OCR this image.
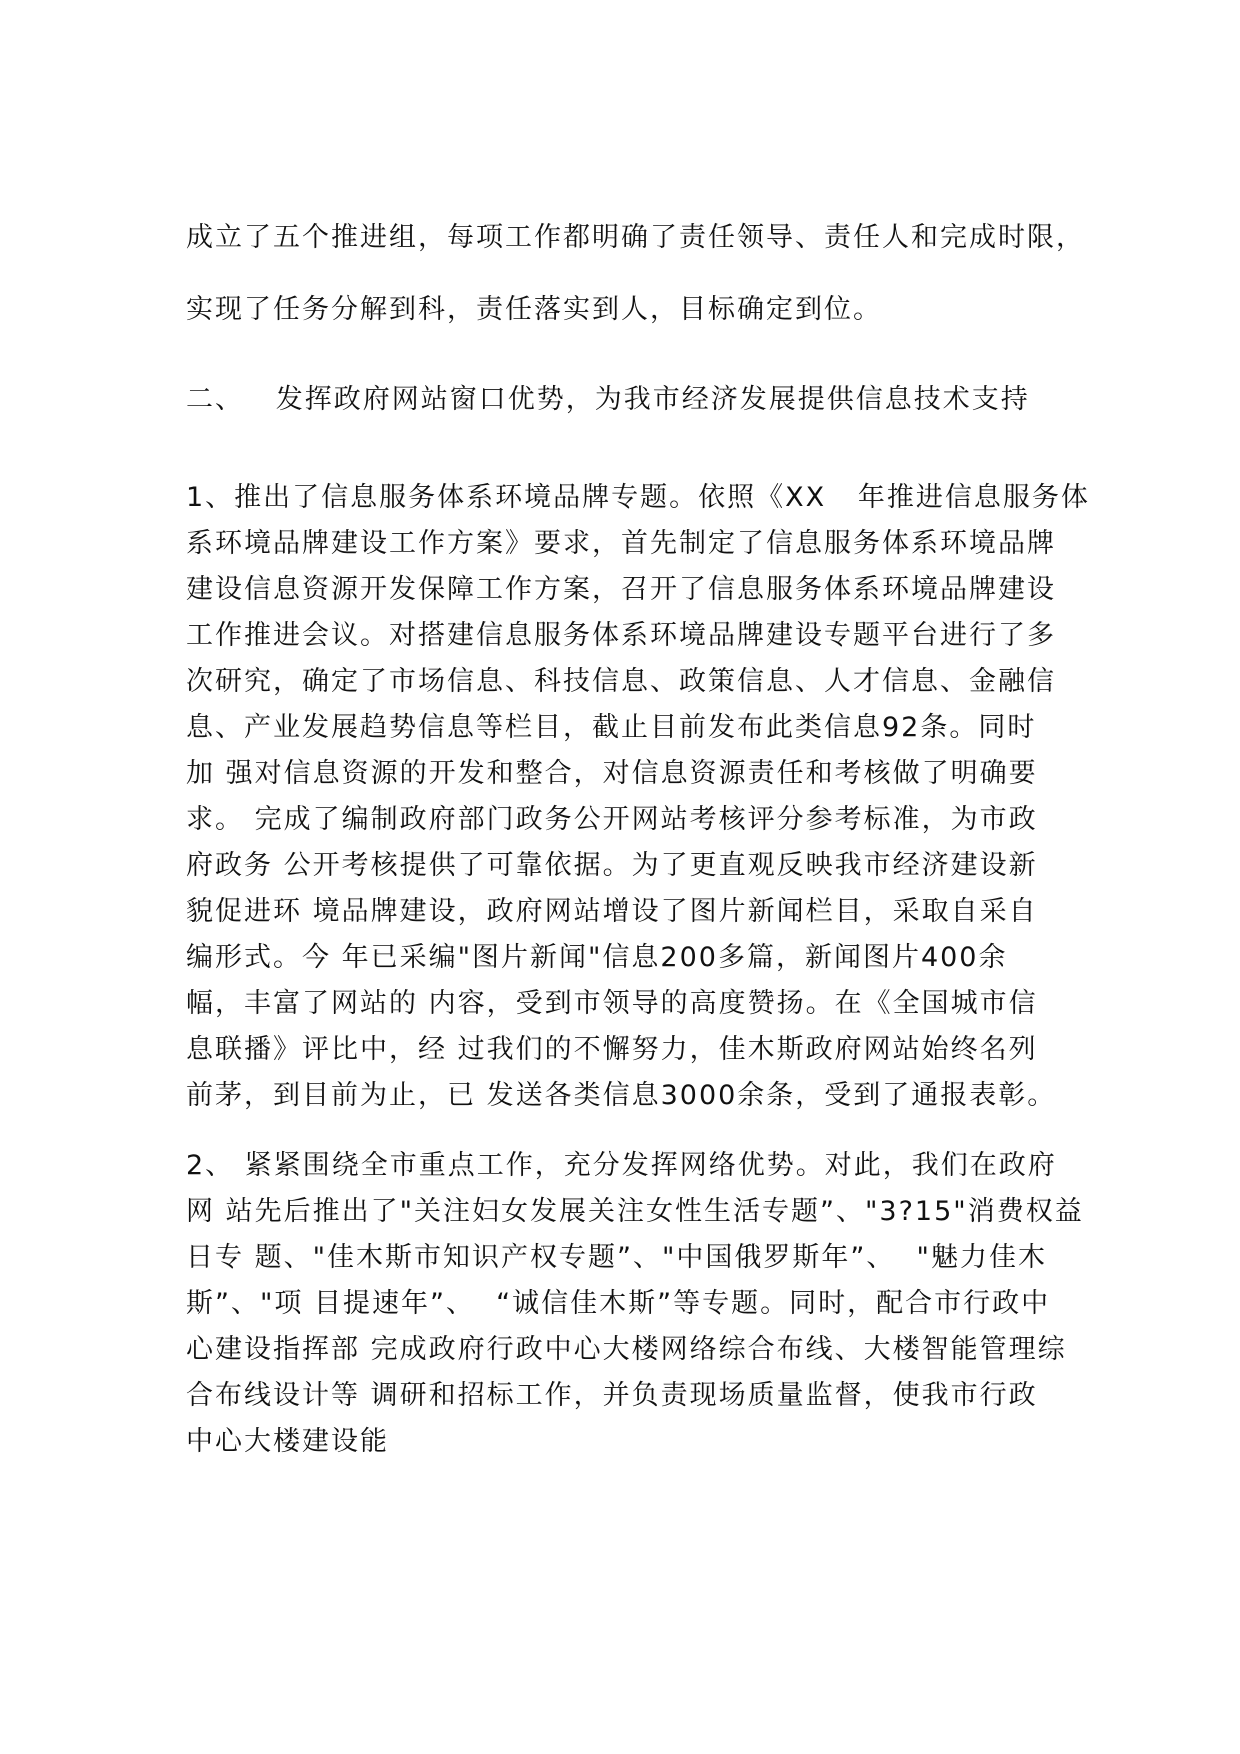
成立了五个推进组，每项工作都明确了责任领导、责任人和完成时限，
实现了任务分解到科，责任落实到人，目标确定到位。
二、   发挥政府网站窗口优势，为我市经济发展提供信息技术支持
1、推出了信息服务体系环境品牌专题。依照《XX   年推进信息服务体
系环境品牌建设工作方案》要求，首先制定了信息服务体系环境品牌
建设信息资源开发保障工作方案，召开了信息服务体系环境品牌建设
工作推进会议。对搭建信息服务体系环境品牌建设专题平台进行了多
次研究，确定了市场信息、科技信息、政策信息、人才信息、金融信
息、产业发展趋势信息等栏目，截止目前发布此类信息92条。同时
加 强对信息资源的开发和整合，对信息资源责任和考核做了明确要
求。 完成了编制政府部门政务公开网站考核评分参考标准，为市政
府政务 公开考核提供了可靠依据。为了更直观反映我市经济建设新
貌促进环 境品牌建设，政府网站增设了图片新闻栏目，采取自采自
编形式。今 年已采编"图片新闻"信息200多篇，新闻图片400余
幅，丰富了网站的 内容，受到市领导的高度赞扬。在《全国城市信
息联播》评比中，经 过我们的不懈努力，佳木斯政府网站始终名列
前茅，到目前为止，已 发送各类信息3000余条，受到了通报表彰。
2、 紧紧围绕全市重点工作，充分发挥网络优势。对此，我们在政府
网 站先后推出了"关注妇女发展关注女性生活专题”、"3?15"消费权益
日专 题、"佳木斯市知识产权专题”、"中国俄罗斯年”、  "魅力佳木
斯”、"项 目提速年”、  “诚信佳木斯”等专题。同时，配合市行政中
心建设指挥部 完成政府行政中心大楼网络综合布线、大楼智能管理综
合布线设计等 调研和招标工作，并负责现场质量监督，使我市行政
中心大楼建设能
